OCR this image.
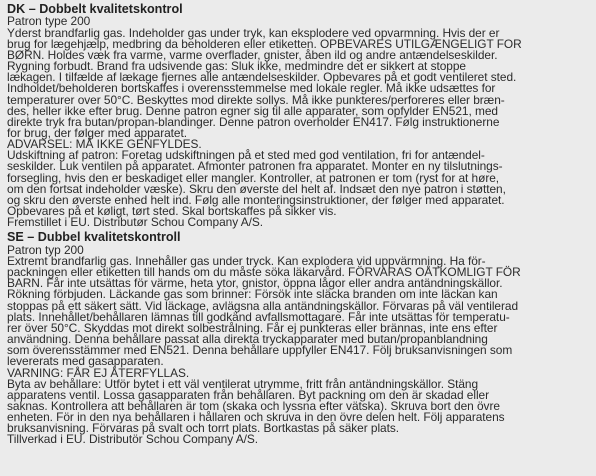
DK – Dobbelt kvalitetskontrol
Patron type 200
Yderst brandfarlig gas. Indeholder gas under tryk, kan eksplodere ved opvarmning. Hvis der er
brug for lægehjælp, medbring da beholderen eller etiketten. OPBEVARES UTILGÆNGELIGT FOR
BØRN. Holdes væk fra varme, varme overflader, gnister, åben ild og andre antændelseskilder.
Rygning forbudt. Brand fra udsivende gas: Sluk ikke, medmindre det er sikkert at stoppe
lækagen. I tilfælde af lækage fjernes alle antændelseskilder. Opbevares på et godt ventileret sted.
Indholdet/beholderen bortskaffes i overensstemmelse med lokale regler. Må ikke udsættes for
temperaturer over 50°C. Beskyttes mod direkte sollys. Må ikke punkteres/perforeres eller bræn-
des, heller ikke efter brug. Denne patron egner sig til alle apparater, som opfylder EN521, med
direkte tryk fra butan/propan-blandinger. Denne patron overholder EN417. Følg instruktionerne
for brug, der følger med apparatet.
ADVARSEL: MÅ IKKE GENFYLDES.
Udskiftning af patron: Foretag udskiftningen på et sted med god ventilation, fri for antændel-
seskilder. Luk ventilen på apparatet. Afmonter patronen fra apparatet. Monter en ny tilslutnings-
forsegling, hvis den er beskadiget eller mangler. Kontroller, at patronen er tom (ryst for at høre,
om den fortsat indeholder væske). Skru den øverste del helt af. Indsæt den nye patron i støtten,
og skru den øverste enhed helt ind. Følg alle monteringsinstruktioner, der følger med apparatet.
Opbevares på et køligt, tørt sted. Skal bortskaffes på sikker vis.
Fremstillet i EU. Distributør Schou Company A/S.
SE – Dubbel kvalitetskontroll
Patron typ 200
Extremt brandfarlig gas. Innehåller gas under tryck. Kan explodera vid uppvärmning. Ha för-
packningen eller etiketten till hands om du måste söka läkarvård. FÖRVARAS OÅTKOMLIGT FÖR
BARN. Får inte utsättas för värme, heta ytor, gnistor, öppna lågor eller andra antändningskällor.
Rökning förbjuden. Läckande gas som brinner: Försök inte släcka branden om inte läckan kan
stoppas på ett säkert sätt. Vid läckage, avlägsna alla antändningskällor. Förvaras på väl ventilerad
plats. Innehållet/behållaren lämnas till godkänd avfallsmottagare. Får inte utsättas för temperatu-
rer över 50°C. Skyddas mot direkt solbestrålning. Får ej punkteras eller brännas, inte ens efter
användning. Denna behållare passat alla direkta tryckapparater med butan/propanblandning
som överensstämmer med EN521. Denna behållare uppfyller EN417. Följ bruksanvisningen som
levererats med gasapparaten.
VARNING: FÅR EJ ÅTERFYLLAS.
Byta av behållare: Utför bytet i ett väl ventilerat utrymme, fritt från antändningskällor. Stäng
apparatens ventil. Lossa gasapparaten från behållaren. Byt packning om den är skadad eller
saknas. Kontrollera att behållaren är tom (skaka och lyssna efter vätska). Skruva bort den övre
enheten. För in den nya behållaren i hållaren och skruva in den övre delen helt. Följ apparatens
bruksanvisning. Förvaras på svalt och torrt plats. Bortkastas på säker plats.
Tillverkad i EU. Distributör Schou Company A/S.
